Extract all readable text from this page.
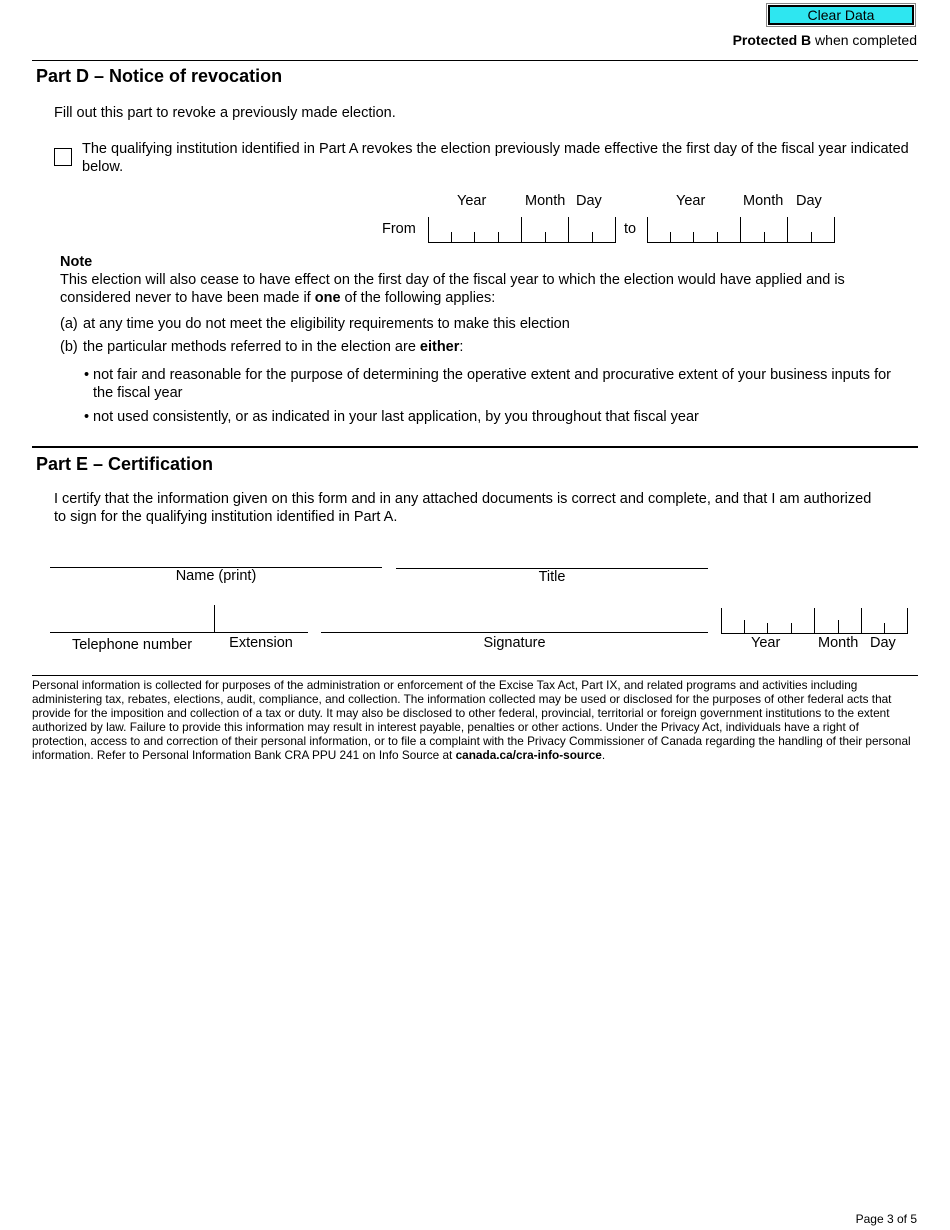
Clear Data
Protected B when completed
Part D – Notice of revocation
Fill out this part to revoke a previously made election.
The qualifying institution identified in Part A revokes the election previously made effective the first day of the fiscal year indicated below.
Year	Month Day	Year	Month Day
From	to
Note
This election will also cease to have effect on the first day of the fiscal year to which the election would have applied and is considered never to have been made if one of the following applies:
(a) at any time you do not meet the eligibility requirements to make this election
(b) the particular methods referred to in the election are either:
• not fair and reasonable for the purpose of determining the operative extent and procurative extent of your business inputs for the fiscal year
• not used consistently, or as indicated in your last application, by you throughout that fiscal year
Part E – Certification
I certify that the information given on this form and in any attached documents is correct and complete, and that I am authorized to sign for the qualifying institution identified in Part A.
Name (print)	Title
Telephone number	Extension	Signature	Year	Month Day
Personal information is collected for purposes of the administration or enforcement of the Excise Tax Act, Part IX, and related programs and activities including administering tax, rebates, elections, audit, compliance, and collection. The information collected may be used or disclosed for the purposes of other federal acts that provide for the imposition and collection of a tax or duty. It may also be disclosed to other federal, provincial, territorial or foreign government institutions to the extent authorized by law. Failure to provide this information may result in interest payable, penalties or other actions. Under the Privacy Act, individuals have a right of protection, access to and correction of their personal information, or to file a complaint with the Privacy Commissioner of Canada regarding the handling of their personal information. Refer to Personal Information Bank CRA PPU 241 on Info Source at canada.ca/cra-info-source.
Page 3 of 5
